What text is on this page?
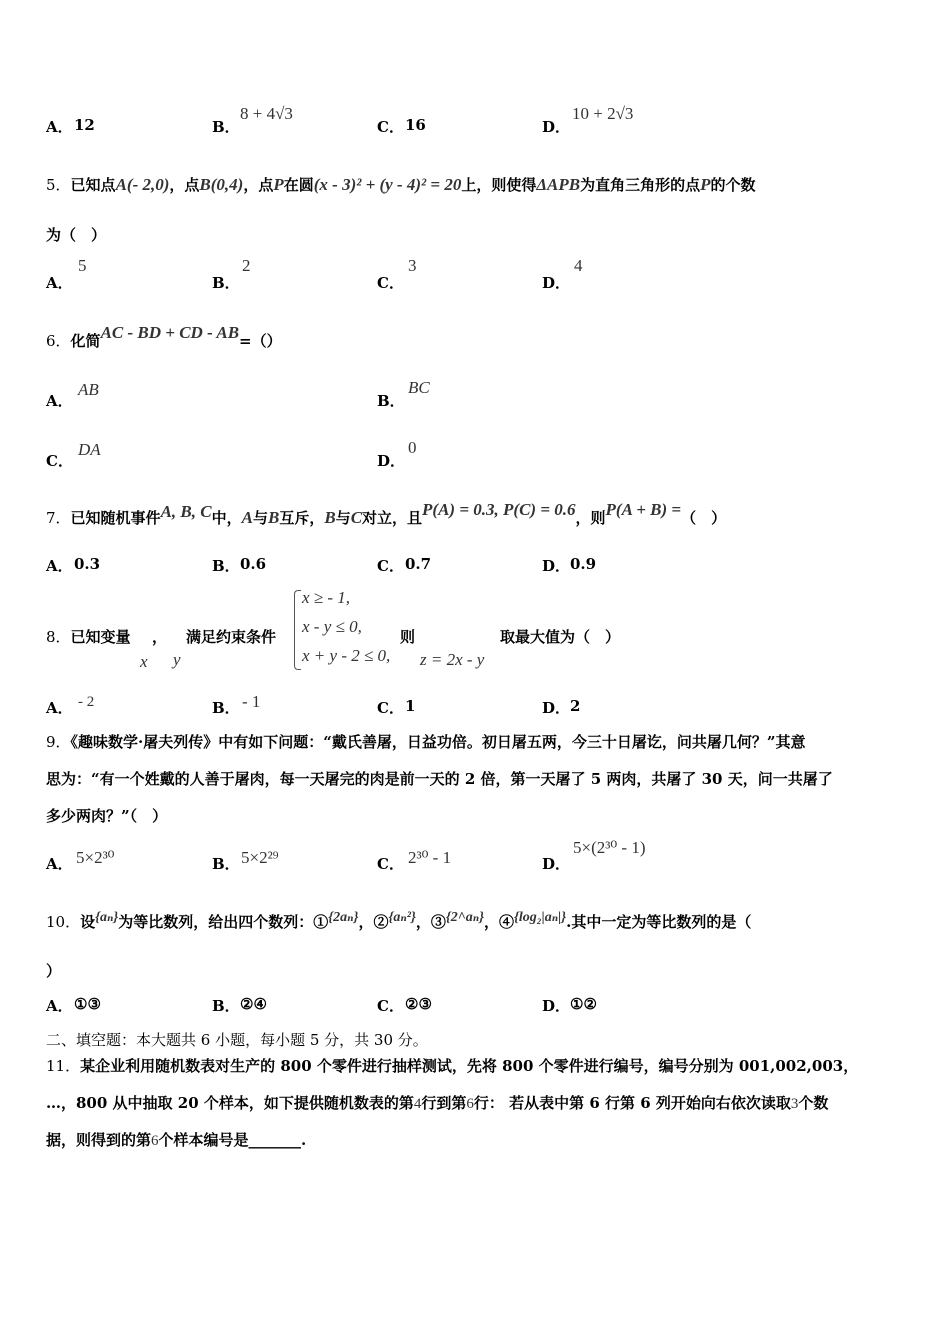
A． 12	B．
8 + 4√3
C． 16	D．
10 + 2√3
5．已知点A(- 2,0)，点B(0,4)，点P在圆(x - 3)² + (y - 4)² = 20上，则使得ΔAPB为直角三角形的点P的个数
为（　）
A．
5
B．
2
C．
3
D．
4
6．化简AC - BD + CD - AB=（）
A．
AB
B．
BC
C．
DA
D．
0
7．已知随机事件A, B, C中，A与B互斥，B与C对立，且P(A) = 0.3, P(C) = 0.6，则P(A + B) =（　）
A． 0.3	B． 0.6	C． 0.7	D． 0.9
8．已知变量 ， 满足约束条件
x ≥ - 1,
x - y ≤ 0,
x + y - 2 ≤ 0,
则	取最大值为（　）
x y	z = 2x - y
A． - 2	B． - 1	C． 1	D． 2
9．《趣味数学·屠夫列传》中有如下问题：“戴氏善屠，日益功倍。初日屠五两，今三十日屠讫，问共屠几何？”其意
思为：“有一个姓戴的人善于屠肉，每一天屠完的肉是前一天的 2 倍，第一天屠了 5 两肉，共屠了 30 天，问一共屠了
多少两肉？”（　）
A． 5×2³⁰	B． 5×2²⁹	C． 2³⁰ - 1	D．
5×(2³⁰ - 1)
10．设{aₙ}为等比数列，给出四个数列：①{2aₙ}，②{aₙ²}，③{2^aₙ}，④{log₂|aₙ|}.其中一定为等比数列的是（
）
A． ①③	B． ②④	C． ②③	D． ①②
二、填空题：本大题共 6 小题，每小题 5 分，共 30 分。
11．某企业利用随机数表对生产的 800 个零件进行抽样测试，先将 800 个零件进行编号，编号分别为 001,002,003，
…，800 从中抽取 20 个样本，如下提供随机数表的第4行到第6行： 若从表中第 6 行第 6 列开始向右依次读取3个数
据，则得到的第6个样本编号是_______.
